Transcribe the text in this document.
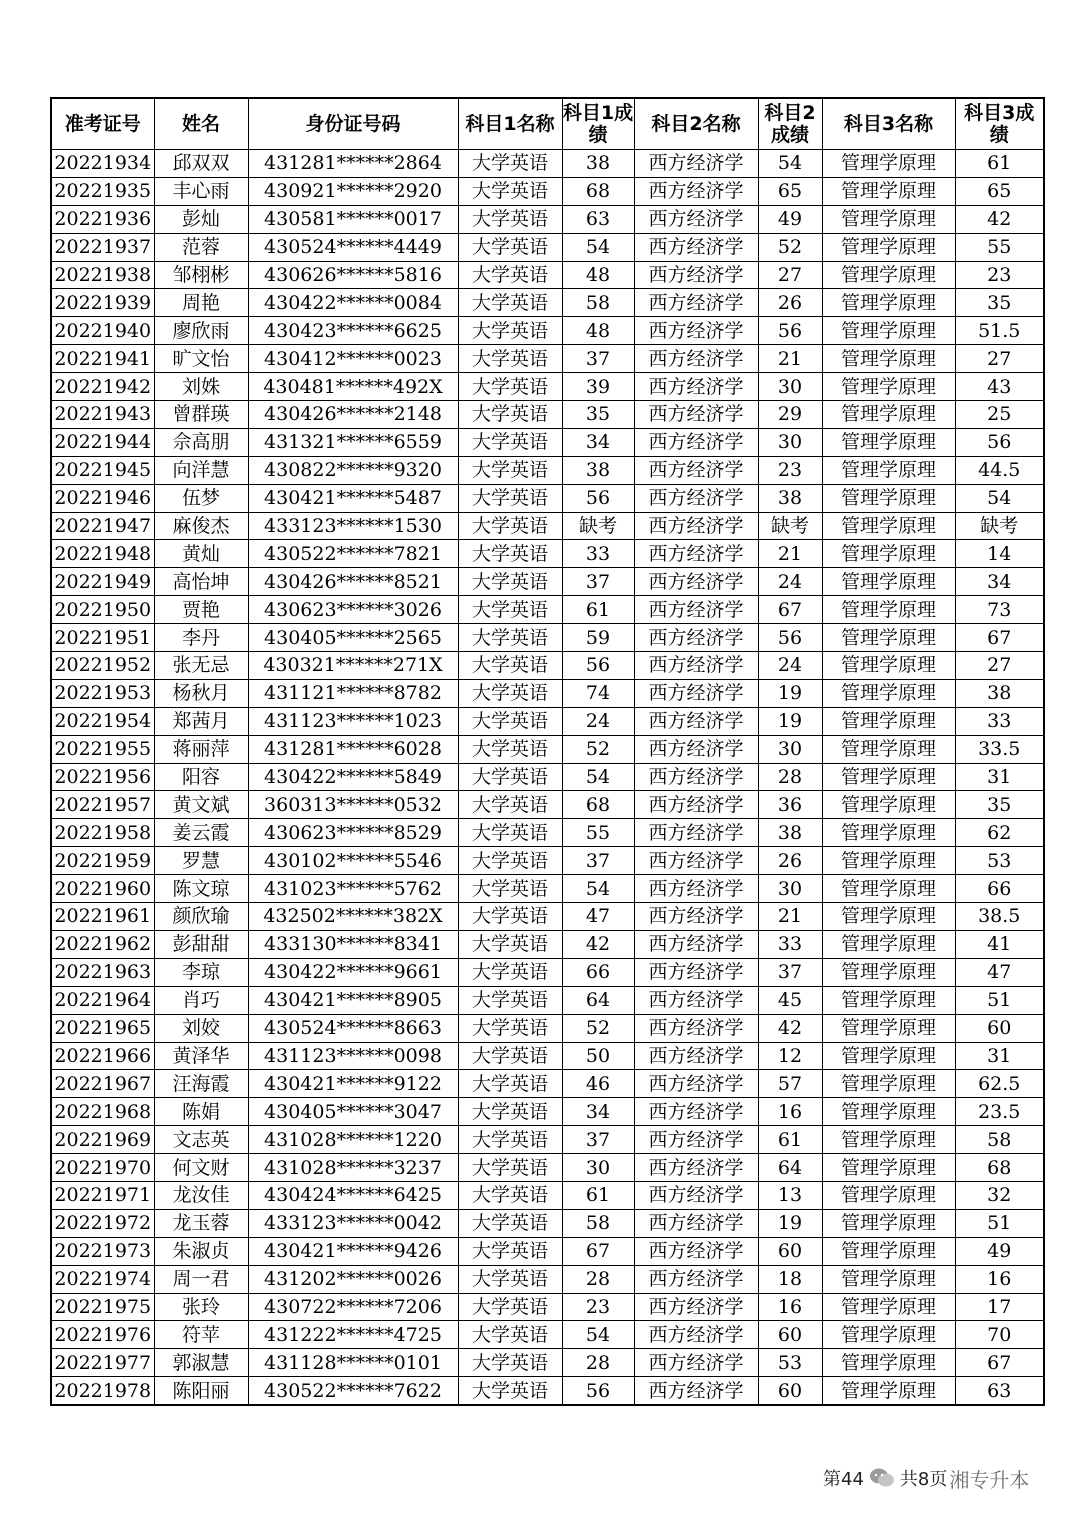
准考证号	姓名	身份证号码	科目1名称	科目1成绩	科目2名称	科目2成绩	科目3名称	科目3成绩
20221934	邱双双	431281******2864	大学英语	38	西方经济学	54	管理学原理	61
20221935	丰心雨	430921******2920	大学英语	68	西方经济学	65	管理学原理	65
20221936	彭灿	430581******0017	大学英语	63	西方经济学	49	管理学原理	42
20221937	范蓉	430524******4449	大学英语	54	西方经济学	52	管理学原理	55
20221938	邹栩彬	430626******5816	大学英语	48	西方经济学	27	管理学原理	23
20221939	周艳	430422******0084	大学英语	58	西方经济学	26	管理学原理	35
20221940	廖欣雨	430423******6625	大学英语	48	西方经济学	56	管理学原理	51.5
20221941	旷文怡	430412******0023	大学英语	37	西方经济学	21	管理学原理	27
20221942	刘姝	430481******492X	大学英语	39	西方经济学	30	管理学原理	43
20221943	曾群瑛	430426******2148	大学英语	35	西方经济学	29	管理学原理	25
20221944	佘高朋	431321******6559	大学英语	34	西方经济学	30	管理学原理	56
20221945	向洋慧	430822******9320	大学英语	38	西方经济学	23	管理学原理	44.5
20221946	伍梦	430421******5487	大学英语	56	西方经济学	38	管理学原理	54
20221947	麻俊杰	433123******1530	大学英语	缺考	西方经济学	缺考	管理学原理	缺考
20221948	黄灿	430522******7821	大学英语	33	西方经济学	21	管理学原理	14
20221949	高怡坤	430426******8521	大学英语	37	西方经济学	24	管理学原理	34
20221950	贾艳	430623******3026	大学英语	61	西方经济学	67	管理学原理	73
20221951	李丹	430405******2565	大学英语	59	西方经济学	56	管理学原理	67
20221952	张无忌	430321******271X	大学英语	56	西方经济学	24	管理学原理	27
20221953	杨秋月	431121******8782	大学英语	74	西方经济学	19	管理学原理	38
20221954	郑茜月	431123******1023	大学英语	24	西方经济学	19	管理学原理	33
20221955	蒋丽萍	431281******6028	大学英语	52	西方经济学	30	管理学原理	33.5
20221956	阳容	430422******5849	大学英语	54	西方经济学	28	管理学原理	31
20221957	黄文斌	360313******0532	大学英语	68	西方经济学	36	管理学原理	35
20221958	姜云霞	430623******8529	大学英语	55	西方经济学	38	管理学原理	62
20221959	罗慧	430102******5546	大学英语	37	西方经济学	26	管理学原理	53
20221960	陈文琼	431023******5762	大学英语	54	西方经济学	30	管理学原理	66
20221961	颜欣瑜	432502******382X	大学英语	47	西方经济学	21	管理学原理	38.5
20221962	彭甜甜	433130******8341	大学英语	42	西方经济学	33	管理学原理	41
20221963	李琼	430422******9661	大学英语	66	西方经济学	37	管理学原理	47
20221964	肖巧	430421******8905	大学英语	64	西方经济学	45	管理学原理	51
20221965	刘姣	430524******8663	大学英语	52	西方经济学	42	管理学原理	60
20221966	黄泽华	431123******0098	大学英语	50	西方经济学	12	管理学原理	31
20221967	汪海霞	430421******9122	大学英语	46	西方经济学	57	管理学原理	62.5
20221968	陈娟	430405******3047	大学英语	34	西方经济学	16	管理学原理	23.5
20221969	文志英	431028******1220	大学英语	37	西方经济学	61	管理学原理	58
20221970	何文财	431028******3237	大学英语	30	西方经济学	64	管理学原理	68
20221971	龙汝佳	430424******6425	大学英语	61	西方经济学	13	管理学原理	32
20221972	龙玉蓉	433123******0042	大学英语	58	西方经济学	19	管理学原理	51
20221973	朱淑贞	430421******9426	大学英语	67	西方经济学	60	管理学原理	49
20221974	周一君	431202******0026	大学英语	28	西方经济学	18	管理学原理	16
20221975	张玲	430722******7206	大学英语	23	西方经济学	16	管理学原理	17
20221976	符苹	431222******4725	大学英语	54	西方经济学	60	管理学原理	70
20221977	郭淑慧	431128******0101	大学英语	28	西方经济学	53	管理学原理	67
20221978	陈阳丽	430522******7622	大学英语	56	西方经济学	60	管理学原理	63
第44 共8页 湘专升本
